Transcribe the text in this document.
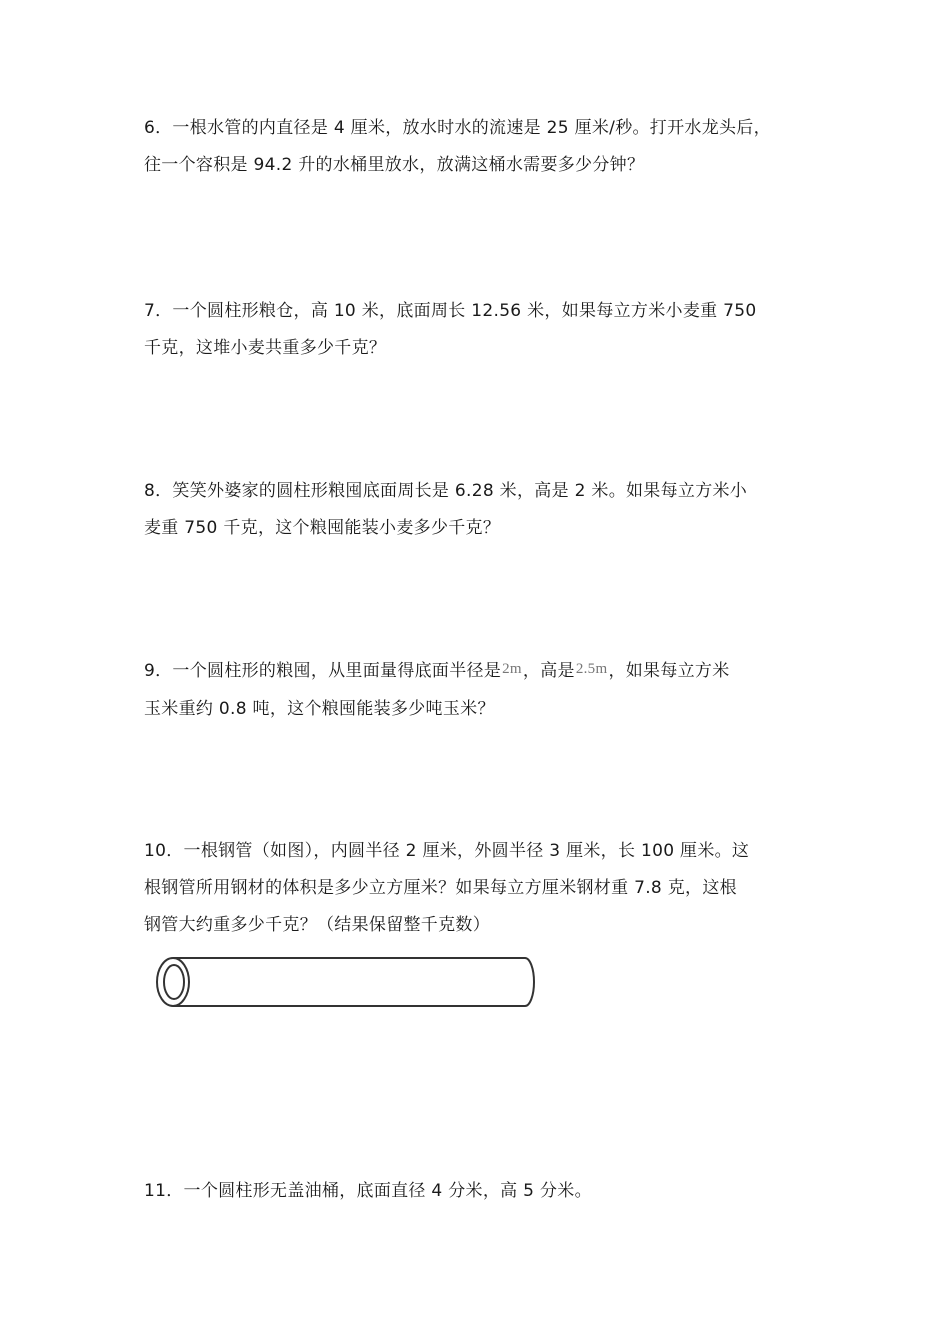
6．一根水管的内直径是 4 厘米，放水时水的流速是 25 厘米/秒。打开水龙头后，
往一个容积是 94.2 升的水桶里放水，放满这桶水需要多少分钟？
7．一个圆柱形粮仓，高 10 米，底面周长 12.56 米，如果每立方米小麦重 750
千克，这堆小麦共重多少千克？
8．笑笑外婆家的圆柱形粮囤底面周长是 6.28 米，高是 2 米。如果每立方米小
麦重 750 千克，这个粮囤能装小麦多少千克？
9．一个圆柱形的粮囤，从里面量得底面半径是2m，高是2.5m，如果每立方米
玉米重约 0.8 吨，这个粮囤能装多少吨玉米？
10．一根钢管（如图），内圆半径 2 厘米，外圆半径 3 厘米，长 100 厘米。这
根钢管所用钢材的体积是多少立方厘米？如果每立方厘米钢材重 7.8 克，这根
钢管大约重多少千克？（结果保留整千克数）
11．一个圆柱形无盖油桶，底面直径 4 分米，高 5 分米。
